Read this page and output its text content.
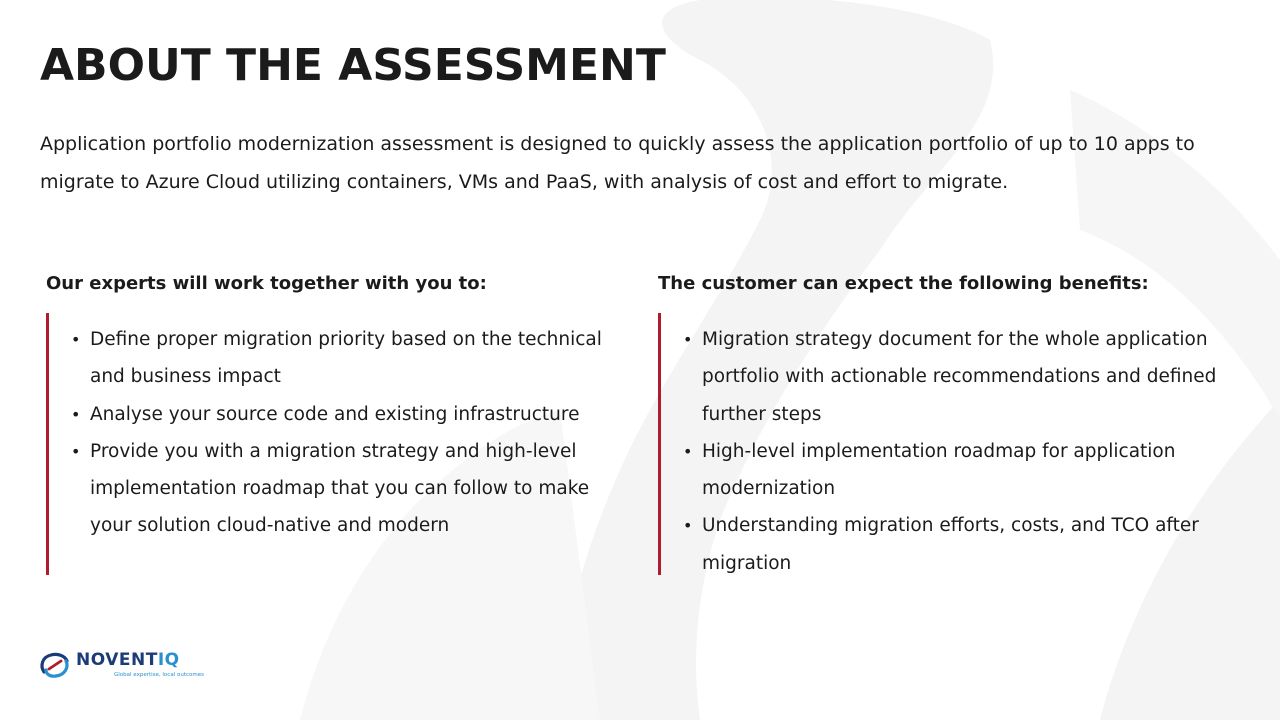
ABOUT THE ASSESSMENT

Application portfolio modernization assessment is designed to quickly assess the application portfolio of up to 10 apps to migrate to Azure Cloud utilizing containers, VMs and PaaS, with analysis of cost and effort to migrate.

Our experts will work together with you to:
• Define proper migration priority based on the technical and business impact
• Analyse your source code and existing infrastructure
• Provide you with a migration strategy and high-level implementation roadmap that you can follow to make your solution cloud-native and modern
The customer can expect the following benefits:
• Migration strategy document for the whole application portfolio with actionable recommendations and defined further steps
• High-level implementation roadmap for application modernization
• Understanding migration efforts, costs, and TCO after migration
NOVENTIQ
Global expertise, local outcomes
